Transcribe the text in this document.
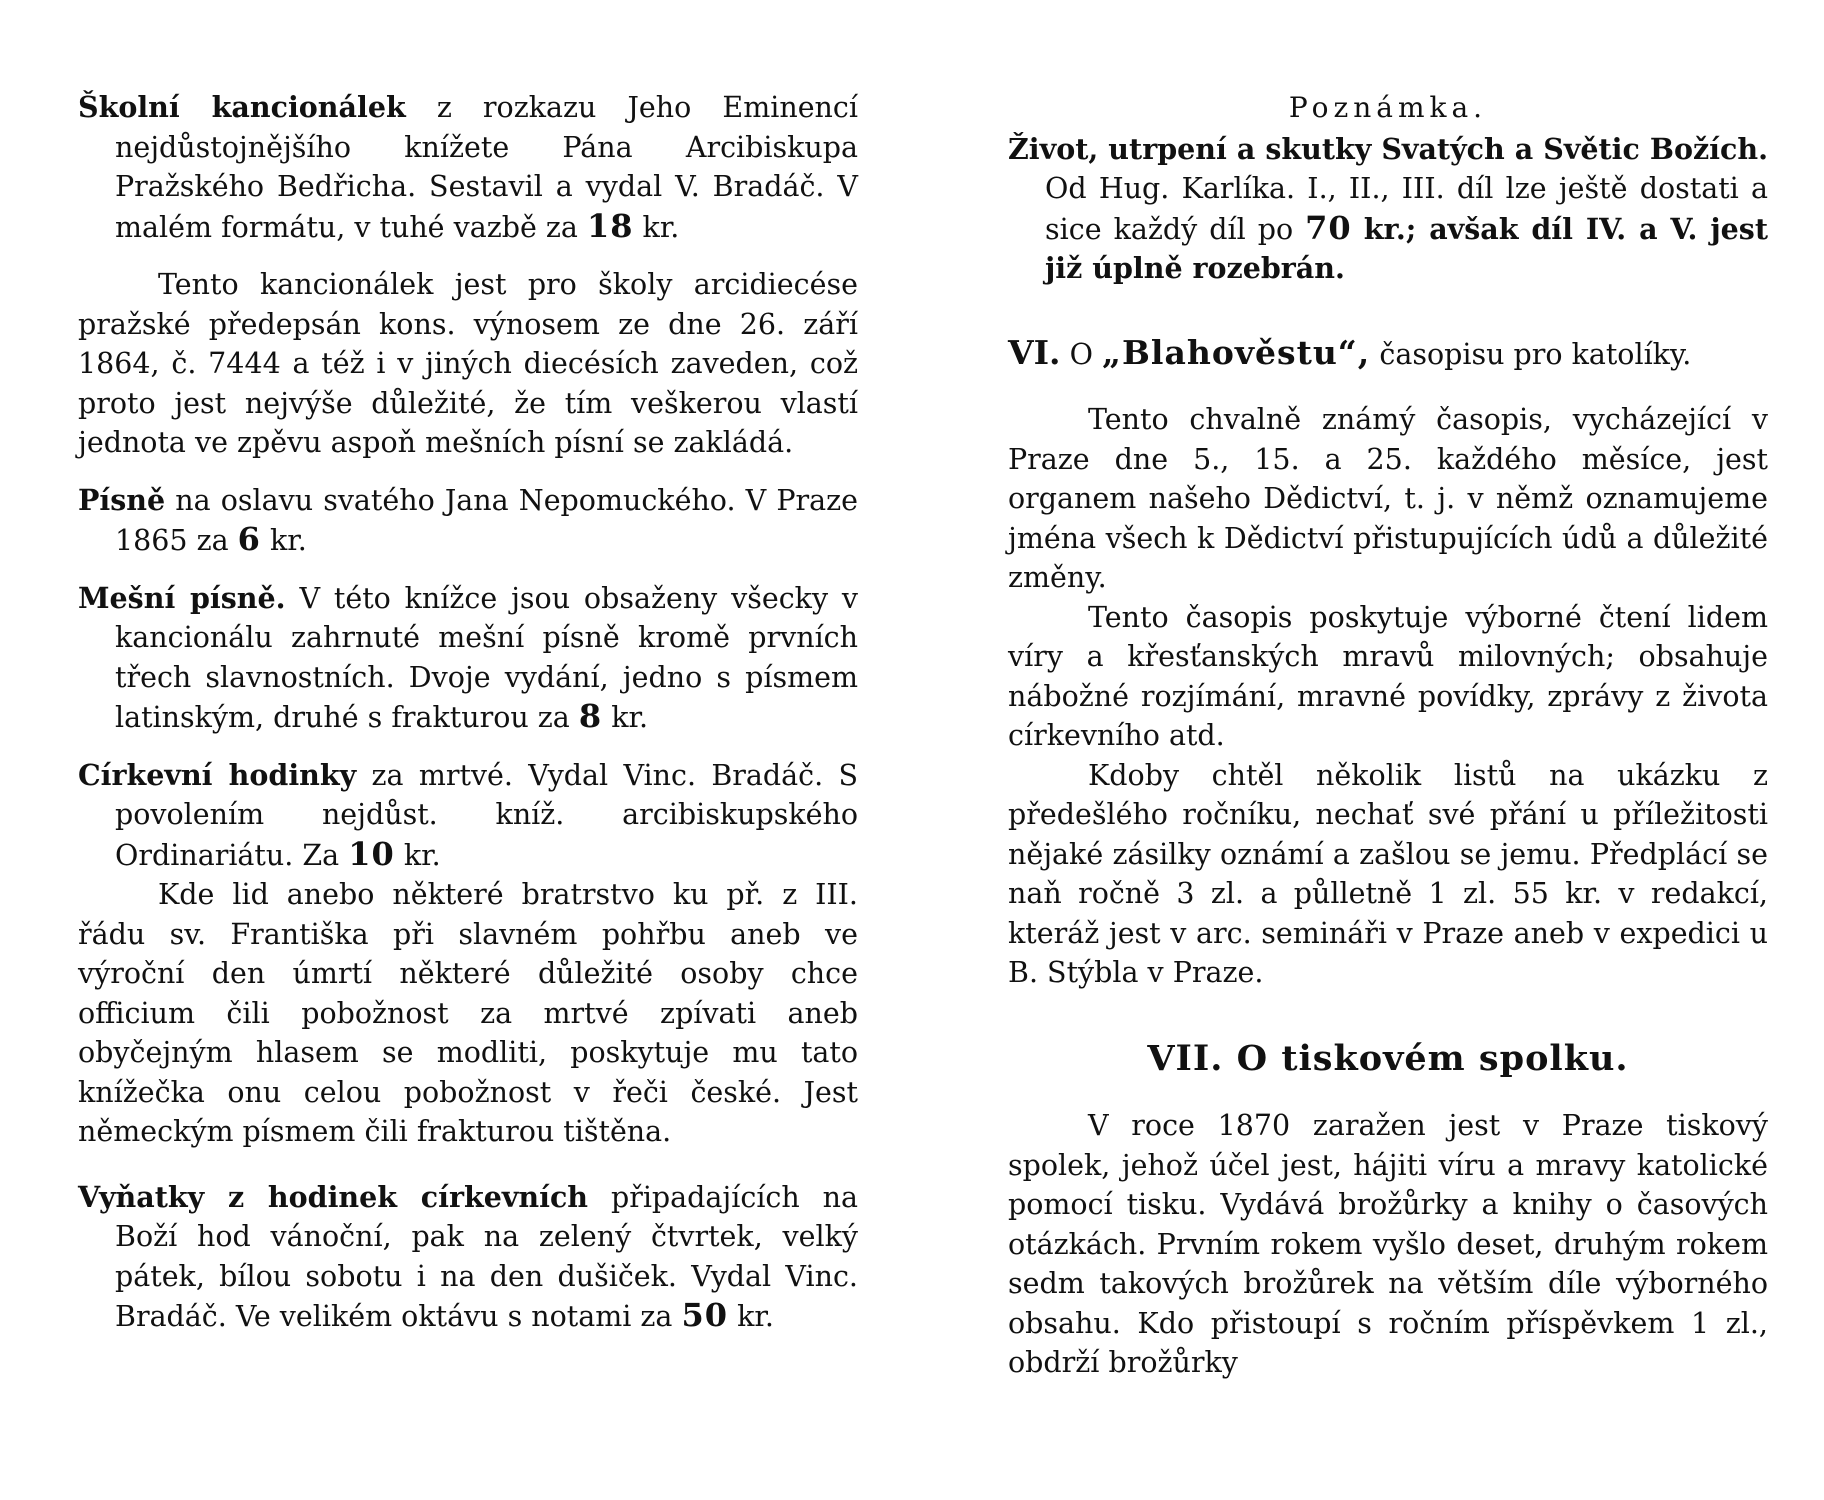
Školní kancionálek z rozkazu Jeho Eminencí nejdůstojnějšího knížete Pána Arcibiskupa Pražského Bedřicha. Sestavil a vydal V. Bradáč. V malém formátu, v tuhé vazbě za 18 kr.

Tento kancionálek jest pro školy arcidiecése pražské předepsán kons. výnosem ze dne 26. září 1864, č. 7444 a též i v jiných diecésích zaveden, což proto jest nejvýše důležité, že tím veškerou vlastí jednota ve zpěvu aspoň mešních písní se zakládá.

Písně na oslavu svatého Jana Nepomuckého. V Praze 1865 za 6 kr.

Mešní písně. V této knížce jsou obsaženy všecky v kancionálu zahrnuté mešní písně kromě prvních třech slavnostních. Dvoje vydání, jedno s písmem latinským, druhé s frakturou za 8 kr.

Církevní hodinky za mrtvé. Vydal Vinc. Bradáč. S povolením nejdůst. kníž. arcibiskupského Ordinariátu. Za 10 kr.

Kde lid anebo některé bratrstvo ku př. z III. řádu sv. Františka při slavném pohřbu aneb ve výroční den úmrtí některé důležité osoby chce officium čili pobožnost za mrtvé zpívati aneb obyčejným hlasem se modliti, poskytuje mu tato knížečka onu celou pobožnost v řeči české. Jest německým písmem čili frakturou tištěna.

Vyňatky z hodinek církevních připadajících na Boží hod vánoční, pak na zelený čtvrtek, velký pátek, bílou sobotu i na den dušiček. Vydal Vinc. Bradáč. Ve velikém oktávu s notami za 50 kr.

Poznámka.

Život, utrpení a skutky Svatých a Světic Božích. Od Hug. Karlíka. I., II., III. díl lze ještě dostati a sice každý díl po 70 kr.; avšak díl IV. a V. jest již úplně rozebrán.

VI. O „Blahověstu“, časopisu pro katolíky.

Tento chvalně známý časopis, vycházející v Praze dne 5., 15. a 25. každého měsíce, jest organem našeho Dědictví, t. j. v němž oznamujeme jména všech k Dědictví přistupujících údů a důležité změny.

Tento časopis poskytuje výborné čtení lidem víry a křesťanských mravů milovných; obsahuje nábožné rozjímání, mravné povídky, zprávy z života církevního atd.

Kdoby chtěl několik listů na ukázku z předešlého ročníku, nechať své přání u příležitosti nějaké zásilky oznámí a zašlou se jemu. Předplácí se naň ročně 3 zl. a půlletně 1 zl. 55 kr. v redakcí, kteráž jest v arc. semináři v Praze aneb v expedici u B. Stýbla v Praze.

VII. O tiskovém spolku.

V roce 1870 zaražen jest v Praze tiskový spolek, jehož účel jest, hájiti víru a mravy katolické pomocí tisku. Vydává brožůrky a knihy o časových otázkách. Prvním rokem vyšlo deset, druhým rokem sedm takových brožůrek na větším díle výborného obsahu. Kdo přistoupí s ročním příspěvkem 1 zl., obdrží brožůrky
